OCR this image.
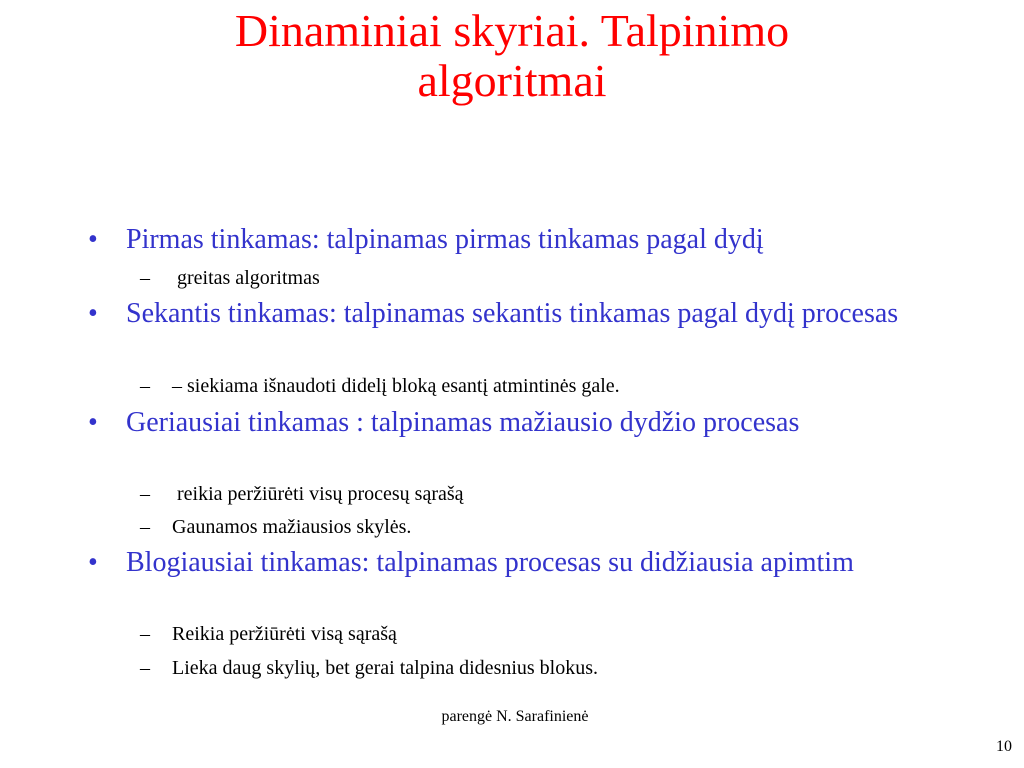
Dinaminiai skyriai. Talpinimo
algoritmai
•	Pirmas tinkamas: talpinamas pirmas tinkamas pagal dydį
– greitas algoritmas
•	Sekantis tinkamas: talpinamas sekantis tinkamas pagal dydį procesas
– – siekiama išnaudoti didelį bloką esantį atmintinės gale.
•	Geriausiai tinkamas : talpinamas mažiausio dydžio procesas
– reikia peržiūrėti visų procesų sąrašą
– Gaunamos mažiausios skylės.
•	Blogiausiai tinkamas: talpinamas procesas su didžiausia apimtim
– Reikia peržiūrėti visą sąrašą
– Lieka daug skylių, bet gerai talpina didesnius blokus.
parengė N. Sarafinienė
10
